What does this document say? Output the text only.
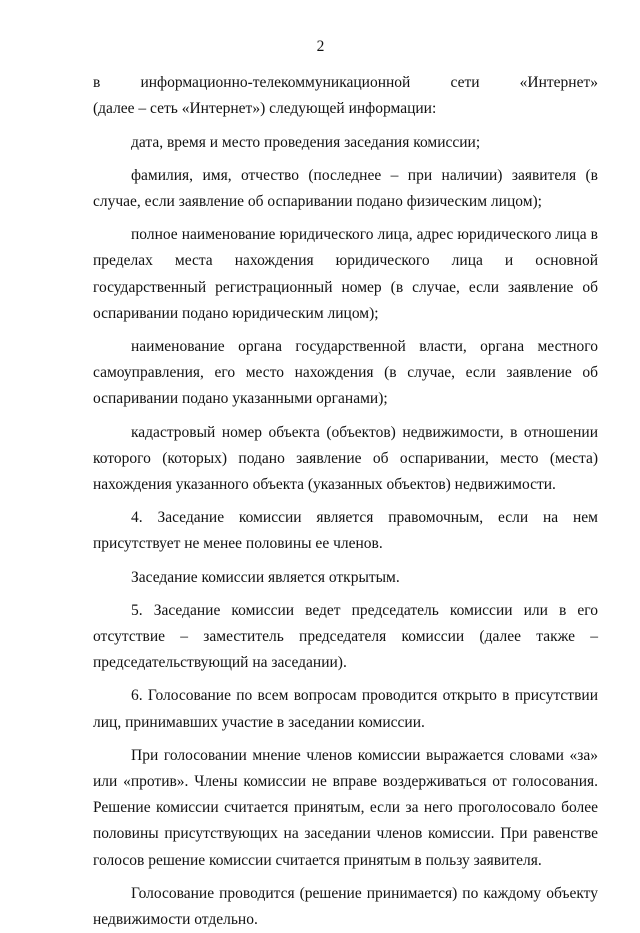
2

в информационно-телекоммуникационной сети «Интернет»

(далее – сеть «Интернет») следующей информации:

дата, время и место проведения заседания комиссии;

фамилия, имя, отчество (последнее – при наличии) заявителя (в случае, если заявление об оспаривании подано физическим лицом);

полное наименование юридического лица, адрес юридического лица в пределах места нахождения юридического лица и основной государственный регистрационный номер (в случае, если заявление об оспаривании подано юридическим лицом);

наименование органа государственной власти, органа местного самоуправления, его место нахождения (в случае, если заявление об оспаривании подано указанными органами);

кадастровый номер объекта (объектов) недвижимости, в отношении которого (которых) подано заявление об оспаривании, место (места) нахождения указанного объекта (указанных объектов) недвижимости.

4. Заседание комиссии является правомочным, если на нем присутствует не менее половины ее членов.

Заседание комиссии является открытым.

5. Заседание комиссии ведет председатель комиссии или в его отсутствие – заместитель председателя комиссии (далее также – председательствующий на заседании).

6. Голосование по всем вопросам проводится открыто в присутствии лиц, принимавших участие в заседании комиссии.

При голосовании мнение членов комиссии выражается словами «за» или «против». Члены комиссии не вправе воздерживаться от голосования. Решение комиссии считается принятым, если за него проголосовало более половины присутствующих на заседании членов комиссии. При равенстве голосов решение комиссии считается принятым в пользу заявителя.

Голосование проводится (решение принимается) по каждому объекту недвижимости отдельно.
